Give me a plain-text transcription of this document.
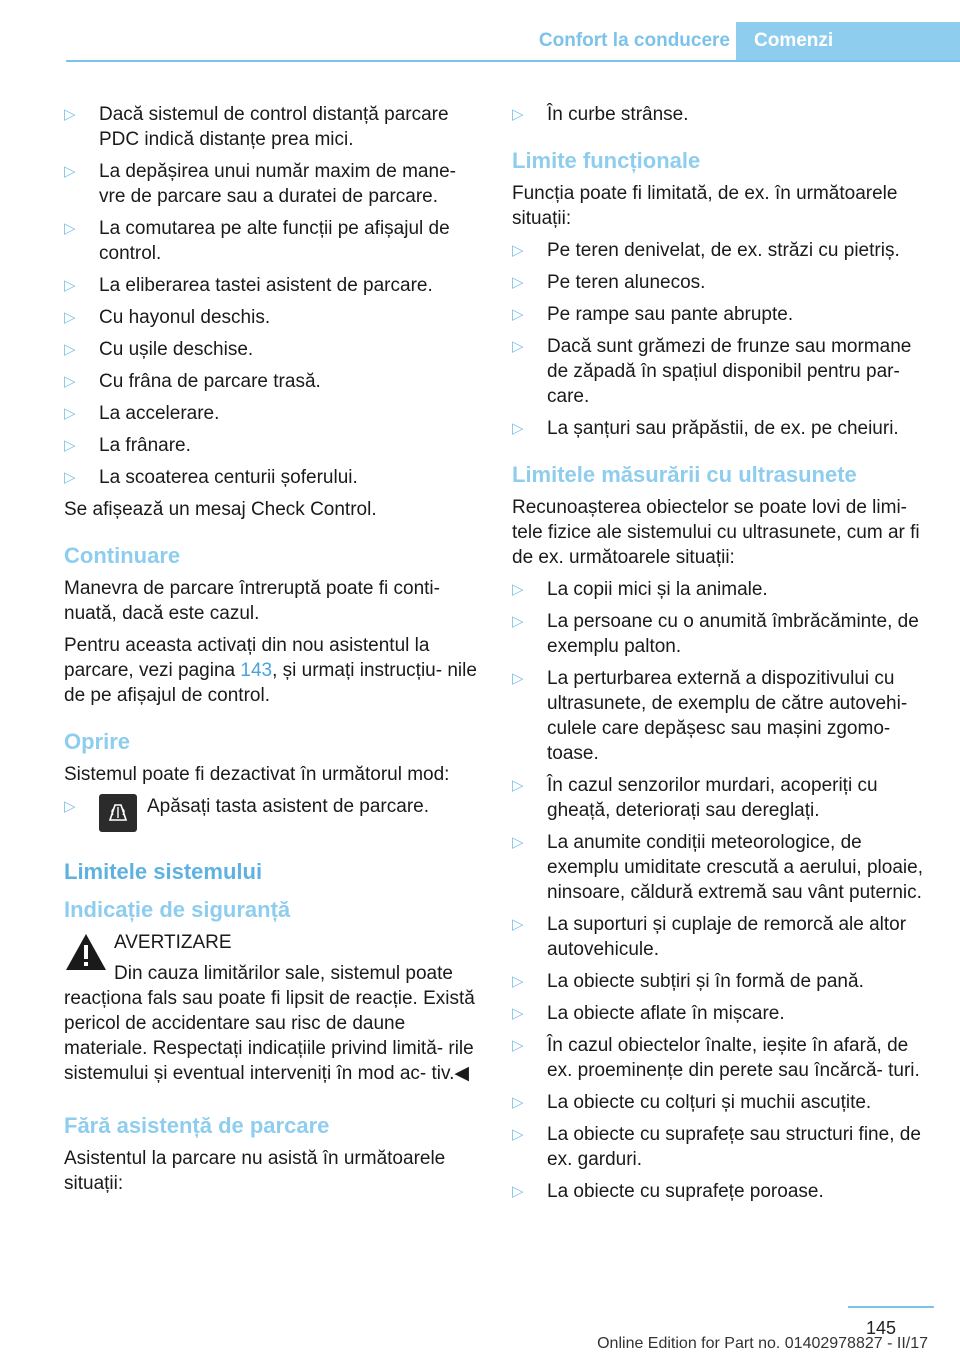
Confort la conducere	Comenzi
▷	Dacă sistemul de control distanță parcare PDC indică distanțe prea mici.
▷	La depășirea unui număr maxim de mane‐ vre de parcare sau a duratei de parcare.
▷	La comutarea pe alte funcții pe afișajul de control.
▷	La eliberarea tastei asistent de parcare.
▷	Cu hayonul deschis.
▷	Cu ușile deschise.
▷	Cu frâna de parcare trasă.
▷	La accelerare.
▷	La frânare.
▷	La scoaterea centurii șoferului.

Se afișează un mesaj Check Control.

Continuare

Manevra de parcare întreruptă poate fi conti‐ nuată, dacă este cazul.

Pentru aceasta activați din nou asistentul la parcare, vezi pagina 143, și urmați instrucțiu‐ nile de pe afișajul de control.

Oprire

Sistemul poate fi dezactivat în următorul mod:

▷	Apăsați tasta asistent de parcare.
Limitele sistemului
Indicație de siguranță
AVERTIZARE
Din cauza limitărilor sale, sistemul poate reacționa fals sau poate fi lipsit de reacție. Există pericol de accidentare sau risc de daune materiale. Respectați indicațiile privind limită‐ rile sistemului și eventual interveniți în mod ac‐ tiv.◀
Fără asistență de parcare

Asistentul la parcare nu asistă în următoarele situații:

▷	În curbe strânse.
Limite funcționale

Funcția poate fi limitată, de ex. în următoarele situații:

▷	Pe teren denivelat, de ex. străzi cu pietriș.
▷	Pe teren alunecos.
▷	Pe rampe sau pante abrupte.
▷	Dacă sunt grămezi de frunze sau mormane de zăpadă în spațiul disponibil pentru par‐ care.
▷	La șanțuri sau prăpăstii, de ex. pe cheiuri.
Limitele măsurării cu ultrasunete

Recunoașterea obiectelor se poate lovi de limi‐ tele fizice ale sistemului cu ultrasunete, cum ar fi de ex. următoarele situații:

▷	La copii mici și la animale.
▷	La persoane cu o anumită îmbrăcăminte, de exemplu palton.
▷	La perturbarea externă a dispozitivului cu ultrasunete, de exemplu de către autovehi‐ culele care depășesc sau mașini zgomo‐ toase.
▷	În cazul senzorilor murdari, acoperiți cu gheață, deteriorați sau dereglați.
▷	La anumite condiții meteorologice, de exemplu umiditate crescută a aerului, ploaie, ninsoare, căldură extremă sau vânt puternic.
▷	La suporturi și cuplaje de remorcă ale altor autovehicule.
▷	La obiecte subțiri și în formă de pană.
▷	La obiecte aflate în mișcare.
▷	În cazul obiectelor înalte, ieșite în afară, de ex. proeminențe din perete sau încărcă‐ turi.
▷	La obiecte cu colțuri și muchii ascuțite.
▷	La obiecte cu suprafețe sau structuri fine, de ex. garduri.
▷	La obiecte cu suprafețe poroase.
145
Online Edition for Part no. 01402978827 - II/17
